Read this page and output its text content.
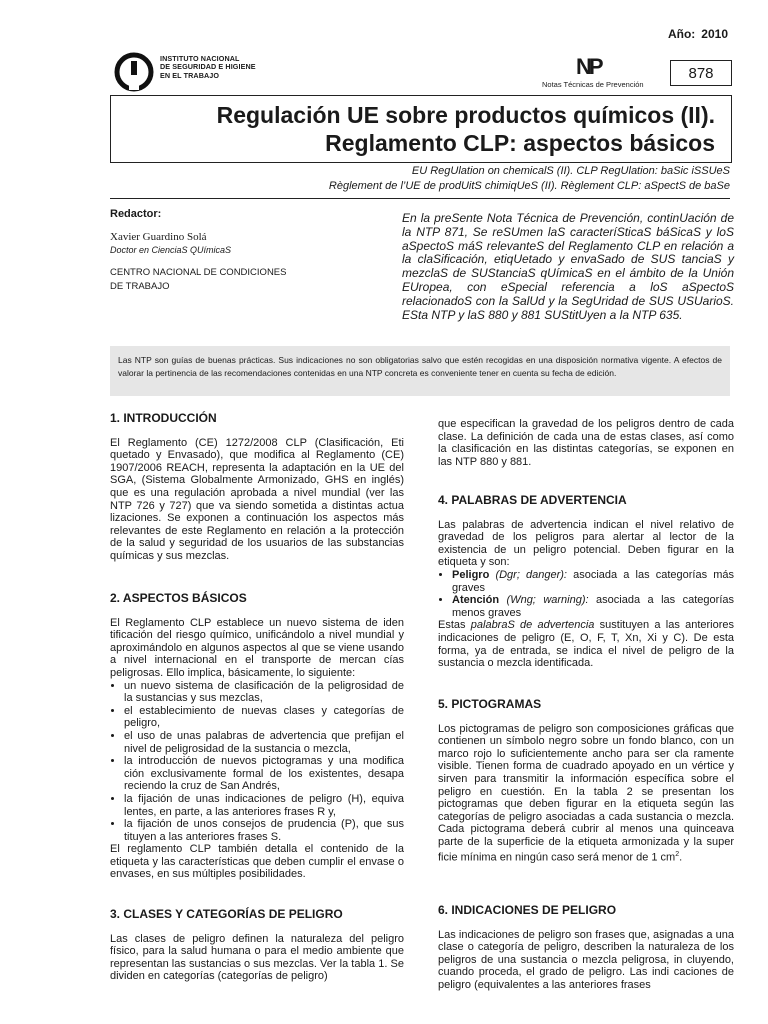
Año: 2010
INSTITUTO NACIONAL
DE SEGURIDAD E HIGIENE
EN EL TRABAJO	NP
Notas Técnicas de Prevención
878
Regulación UE sobre productos químicos (II).
Reglamento CLP: aspectos básicos
EU RegUlation on chemicalS (II). CLP RegUlation: baSic iSSUeS
Règlement de l’UE de prodUitS chimiqUeS (II). Règlement CLP: aSpectS de baSe
Redactor:
Xavier Guardino Solá
Doctor en CienciaS QUímicaS
CENTRO NACIONAL DE CONDICIONES
DE TRABAJO
En la preSente Nota Técnica de Prevención, continUación de la NTP 871, Se reSUmen laS caracteríSticaS báSicaS y loS aSpectoS máS relevanteS del Reglamento CLP en relación a la claSificación, etiqUetado y envaSado de SUS tanciaS y mezclaS de SUStanciaS qUímicaS en el ámbito de la Unión EUropea, con eSpecial referencia a loS aSpectoS relacionadoS con la SalUd y la SegUridad de SUS USUarioS. ESta NTP y laS 880 y 881 SUStitUyen a la NTP 635.
Las NTP son guías de buenas prácticas. Sus indicaciones no son obligatorias salvo que estén recogidas en una disposición normativa vigente. A efectos de valorar la pertinencia de las recomendaciones contenidas en una NTP concreta es conveniente tener en cuenta su fecha de edición.
1. INTRODUCCIÓN

El Reglamento (CE) 1272/2008 CLP (Clasificación, Eti quetado y Envasado), que modifica al Reglamento (CE) 1907/2006 REACH, representa la adaptación en la UE del SGA, (Sistema Globalmente Armonizado, GHS en inglés) que es una regulación aprobada a nivel mundial (ver las NTP 726 y 727) que va siendo sometida a distintas actua lizaciones. Se exponen a continuación los aspectos más relevantes de este Reglamento en relación a la protección de la salud y seguridad de los usuarios de las substancias químicas y sus mezclas.

2. ASPECTOS BÁSICOS

El Reglamento CLP establece un nuevo sistema de iden tificación del riesgo químico, unificándolo a nivel mundial y aproximándolo en algunos aspectos al que se viene usando a nivel internacional en el transporte de mercan cías peligrosas. Ello implica, básicamente, lo siguiente:

• un nuevo sistema de clasificación de la peligrosidad de la sustancias y sus mezclas,
• el establecimiento de nuevas clases y categorías de peligro,
• el uso de unas palabras de advertencia que prefijan el nivel de peligrosidad de la sustancia o mezcla,
• la introducción de nuevos pictogramas y una modifica ción exclusivamente formal de los existentes, desapa reciendo la cruz de San Andrés,
• la fijación de unas indicaciones de peligro (H), equiva lentes, en parte, a las anteriores frases R y,
• la fijación de unos consejos de prudencia (P), que sus tituyen a las anteriores frases S.

El reglamento CLP también detalla el contenido de la etiqueta y las características que deben cumplir el envase o envases, en sus múltiples posibilidades.

3. CLASES Y CATEGORÍAS DE PELIGRO

Las clases de peligro definen la naturaleza del peligro físico, para la salud humana o para el medio ambiente que representan las sustancias o sus mezclas. Ver la tabla 1. Se dividen en categorías (categorías de peligro)

que especifican la gravedad de los peligros dentro de cada clase. La definición de cada una de estas clases, así como la clasificación en las distintas categorías, se exponen en las NTP 880 y 881.

4. PALABRAS DE ADVERTENCIA

Las palabras de advertencia indican el nivel relativo de gravedad de los peligros para alertar al lector de la existencia de un peligro potencial. Deben figurar en la etiqueta y son:

• Peligro (Dgr; danger): asociada a las categorías más graves
• Atención (Wng; warning): asociada a las categorías menos graves

Estas palabraS de advertencia sustituyen a las anteriores indicaciones de peligro (E, O, F, T, Xn, Xi y C). De esta forma, ya de entrada, se indica el nivel de peligro de la sustancia o mezcla identificada.

5. PICTOGRAMAS

Los pictogramas de peligro son composiciones gráficas que contienen un símbolo negro sobre un fondo blanco, con un marco rojo lo suficientemente ancho para ser cla ramente visible. Tienen forma de cuadrado apoyado en un vértice y sirven para transmitir la información específica sobre el peligro en cuestión. En la tabla 2 se presentan los pictogramas que deben figurar en la etiqueta según las categorías de peligro asociadas a cada sustancia o mezcla. Cada pictograma deberá cubrir al menos una quinceava parte de la superficie de la etiqueta armonizada y la super ficie mínima en ningún caso será menor de 1 $cm^2$.

6. INDICACIONES DE PELIGRO

Las indicaciones de peligro son frases que, asignadas a una clase o categoría de peligro, describen la naturaleza de los peligros de una sustancia o mezcla peligrosa, in cluyendo, cuando proceda, el grado de peligro. Las indi caciones de peligro (equivalentes a las anteriores frases
